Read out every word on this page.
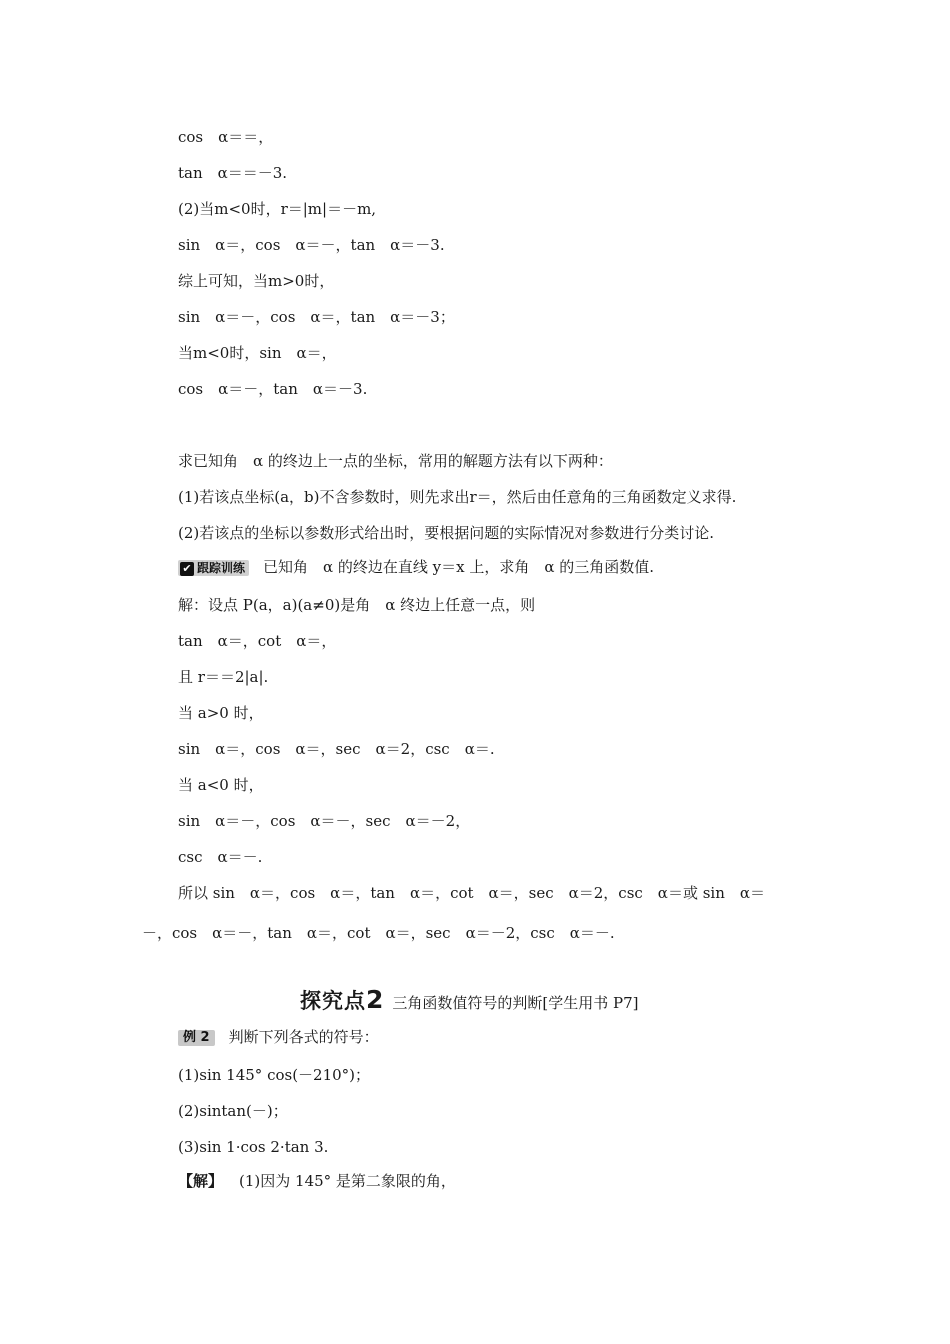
cos　α＝＝，
tan　α＝＝－3.
(2)当m<0时，r＝|m|＝－m,
sin　α＝，cos　α＝－，tan　α＝－3.
综上可知，当m>0时，
sin　α＝－，cos　α＝，tan　α＝－3；
当m<0时，sin　α＝，
cos　α＝－，tan　α＝－3.
求已知角　α 的终边上一点的坐标，常用的解题方法有以下两种：
(1)若该点坐标(a，b)不含参数时，则先求出r＝，然后由任意角的三角函数定义求得.
(2)若该点的坐标以参数形式给出时，要根据问题的实际情况对参数进行分类讨论.
✔ 跟踪训练 已知角　α 的终边在直线 y＝x 上，求角　α 的三角函数值.
解：设点 P(a，a)(a≠0)是角　α 终边上任意一点，则
tan　α＝，cot　α＝，
且 r＝＝2|a|.
当 a>0 时，
sin　α＝，cos　α＝，sec　α＝2，csc　α＝.
当 a<0 时，
sin　α＝－，cos　α＝－，sec　α＝－2，
csc　α＝－.
所以 sin　α＝，cos　α＝，tan　α＝，cot　α＝，sec　α＝2，csc　α＝或 sin　α＝
－，cos　α＝－，tan　α＝，cot　α＝，sec　α＝－2，csc　α＝－.
探究点2 三角函数值符号的判断[学生用书 P7]
例 2 判断下列各式的符号：
(1)sin 145° cos(－210°)；
(2)sintan(－)；
(3)sin 1·cos 2·tan 3.
【解】 (1)因为 145° 是第二象限的角，
